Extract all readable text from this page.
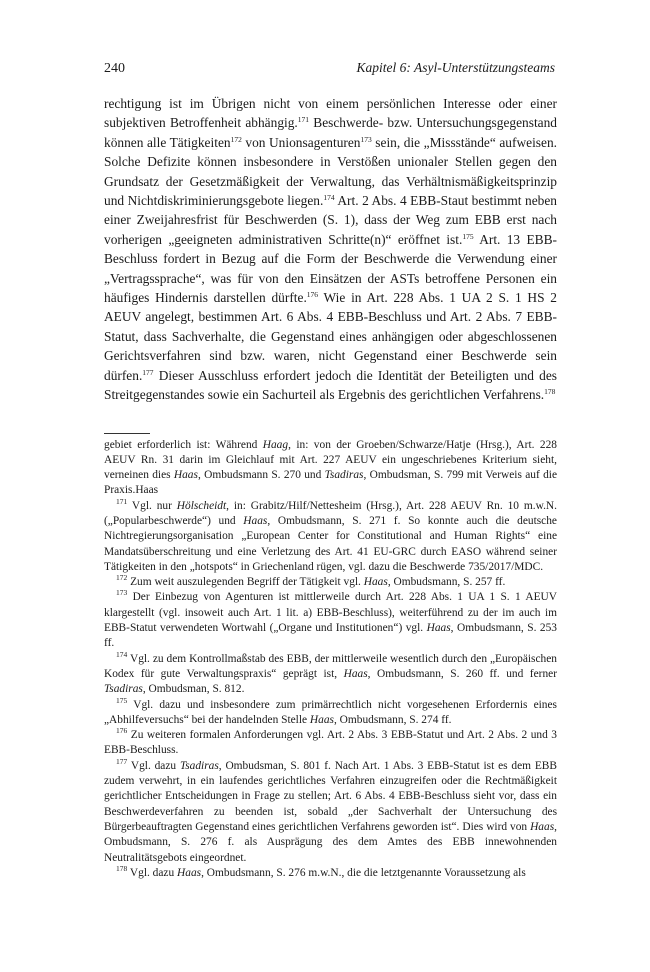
240	Kapitel 6: Asyl-Unterstützungsteams
rechtigung ist im Übrigen nicht von einem persönlichen Interesse oder einer subjektiven Betroffenheit abhängig.$^{171}$ Beschwerde- bzw. Untersuchungsgegenstand können alle Tätigkeiten$^{172}$ von Unionsagenturen$^{173}$ sein, die „Missstände“ aufweisen. Solche Defizite können insbesondere in Verstößen unionaler Stellen gegen den Grundsatz der Gesetzmäßigkeit der Verwaltung, das Verhältnismäßigkeitsprinzip und Nichtdiskriminierungsgebote liegen.$^{174}$ Art. 2 Abs. 4 EBB-Staut bestimmt neben einer Zweijahresfrist für Beschwerden (S. 1), dass der Weg zum EBB erst nach vorherigen „geeigneten administrativen Schritte(n)“ eröffnet ist.$^{175}$ Art. 13 EBB-Beschluss fordert in Bezug auf die Form der Beschwerde die Verwendung einer „Vertragssprache“, was für von den Einsätzen der ASTs betroffene Personen ein häufiges Hindernis darstellen dürfte.$^{176}$ Wie in Art. 228 Abs. 1 UA 2 S. 1 HS 2 AEUV angelegt, bestimmen Art. 6 Abs. 4 EBB-Beschluss und Art. 2 Abs. 7 EBB-Statut, dass Sachverhalte, die Gegenstand eines anhängigen oder abgeschlossenen Gerichtsverfahren sind bzw. waren, nicht Gegenstand einer Beschwerde sein dürfen.$^{177}$ Dieser Ausschluss erfordert jedoch die Identität der Beteiligten und des Streitgegenstandes sowie ein Sachurteil als Ergebnis des gerichtlichen Verfahrens.$^{178}$

gebiet erforderlich ist: Während Haag, in: von der Groeben/Schwarze/Hatje (Hrsg.), Art. 228 AEUV Rn. 31 darin im Gleichlauf mit Art. 227 AEUV ein ungeschriebenes Kriterium sieht, verneinen dies Haas, Ombudsmann S. 270 und Tsadiras, Ombudsman, S. 799 mit Verweis auf die Praxis.Haas

$^{171}$ Vgl. nur Hölscheidt, in: Grabitz/Hilf/Nettesheim (Hrsg.), Art. 228 AEUV Rn. 10 m.w.N. („Popularbeschwerde“) und Haas, Ombudsmann, S. 271 f. So konnte auch die deutsche Nichtregierungsorganisation „European Center for Constitutional and Human Rights“ eine Mandatsüberschreitung und eine Verletzung des Art. 41 EU-GRC durch EASO während seiner Tätigkeiten in den „hotspots“ in Griechenland rügen, vgl. dazu die Beschwerde 735/2017/MDC.

$^{172}$ Zum weit auszulegenden Begriff der Tätigkeit vgl. Haas, Ombudsmann, S. 257 ff.

$^{173}$ Der Einbezug von Agenturen ist mittlerweile durch Art. 228 Abs. 1 UA 1 S. 1 AEUV klargestellt (vgl. insoweit auch Art. 1 lit. a) EBB-Beschluss), weiterführend zu der im auch im EBB-Statut verwendeten Wortwahl („Organe und Institutionen“) vgl. Haas, Ombudsmann, S. 253 ff.

$^{174}$ Vgl. zu dem Kontrollmaßstab des EBB, der mittlerweile wesentlich durch den „Europäischen Kodex für gute Verwaltungspraxis“ geprägt ist, Haas, Ombudsmann, S. 260 ff. und ferner Tsadiras, Ombudsman, S. 812.

$^{175}$ Vgl. dazu und insbesondere zum primärrechtlich nicht vorgesehenen Erfordernis eines „Abhilfeversuchs“ bei der handelnden Stelle Haas, Ombudsmann, S. 274 ff.

$^{176}$ Zu weiteren formalen Anforderungen vgl. Art. 2 Abs. 3 EBB-Statut und Art. 2 Abs. 2 und 3 EBB-Beschluss.

$^{177}$ Vgl. dazu Tsadiras, Ombudsman, S. 801 f. Nach Art. 1 Abs. 3 EBB-Statut ist es dem EBB zudem verwehrt, in ein laufendes gerichtliches Verfahren einzugreifen oder die Rechtmäßigkeit gerichtlicher Entscheidungen in Frage zu stellen; Art. 6 Abs. 4 EBB-Beschluss sieht vor, dass ein Beschwerdeverfahren zu beenden ist, sobald „der Sachverhalt der Untersuchung des Bürgerbeauftragten Gegenstand eines gerichtlichen Verfahrens geworden ist“. Dies wird von Haas, Ombudsmann, S. 276 f. als Ausprägung des dem Amtes des EBB innewohnenden Neutralitätsgebots eingeordnet.

$^{178}$ Vgl. dazu Haas, Ombudsmann, S. 276 m.w.N., die die letztgenannte Voraussetzung als
